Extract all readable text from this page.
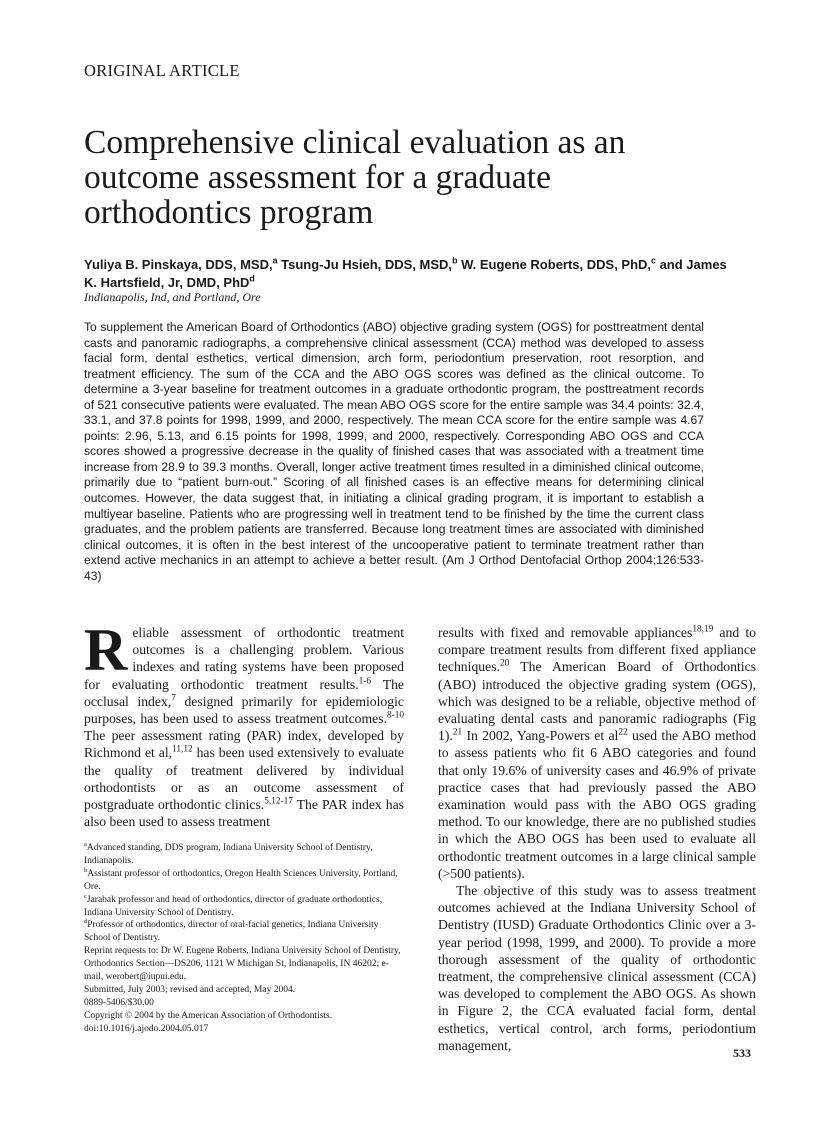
ORIGINAL ARTICLE
Comprehensive clinical evaluation as an outcome assessment for a graduate orthodontics program
Yuliya B. Pinskaya, DDS, MSD,$^a$ Tsung-Ju Hsieh, DDS, MSD,$^b$ W. Eugene Roberts, DDS, PhD,$^c$ and James K. Hartsfield, Jr, DMD, PhD$^d$
Indianapolis, Ind, and Portland, Ore

To supplement the American Board of Orthodontics (ABO) objective grading system (OGS) for posttreatment dental casts and panoramic radiographs, a comprehensive clinical assessment (CCA) method was developed to assess facial form, dental esthetics, vertical dimension, arch form, periodontium preservation, root resorption, and treatment efficiency. The sum of the CCA and the ABO OGS scores was defined as the clinical outcome. To determine a 3-year baseline for treatment outcomes in a graduate orthodontic program, the posttreatment records of 521 consecutive patients were evaluated. The mean ABO OGS score for the entire sample was 34.4 points: 32.4, 33.1, and 37.8 points for 1998, 1999, and 2000, respectively. The mean CCA score for the entire sample was 4.67 points: 2.96, 5.13, and 6.15 points for 1998, 1999, and 2000, respectively. Corresponding ABO OGS and CCA scores showed a progressive decrease in the quality of finished cases that was associated with a treatment time increase from 28.9 to 39.3 months. Overall, longer active treatment times resulted in a diminished clinical outcome, primarily due to “patient burn-out.” Scoring of all finished cases is an effective means for determining clinical outcomes. However, the data suggest that, in initiating a clinical grading program, it is important to establish a multiyear baseline. Patients who are progressing well in treatment tend to be finished by the time the current class graduates, and the problem patients are transferred. Because long treatment times are associated with diminished clinical outcomes, it is often in the best interest of the uncooperative patient to terminate treatment rather than extend active mechanics in an attempt to achieve a better result. (Am J Orthod Dentofacial Orthop 2004;126:533-43)

Reliable assessment of orthodontic treatment outcomes is a challenging problem. Various indexes and rating systems have been proposed for evaluating orthodontic treatment results.$^{1-6}$ The occlusal index,$^7$ designed primarily for epidemiologic purposes, has been used to assess treatment outcomes.$^{8-10}$ The peer assessment rating (PAR) index, developed by Richmond et al,$^{11,12}$ has been used extensively to evaluate the quality of treatment delivered by individual orthodontists or as an outcome assessment of postgraduate orthodontic clinics.$^{5,12-17}$ The PAR index has also been used to assess treatment

$^a$Advanced standing, DDS program, Indiana University School of Dentistry, Indianapolis.

$^b$Assistant professor of orthodontics, Oregon Health Sciences University, Portland, Ore.

$^c$Jarabak professor and head of orthodontics, director of graduate orthodontics, Indiana University School of Dentistry.

$^d$Professor of orthodontics, director of oral-facial genetics, Indiana University School of Dentistry.

Reprint requests to: Dr W. Eugene Roberts, Indiana University School of Dentistry, Orthodontics Section—DS206, 1121 W Michigan St, Indianapolis, IN 46202; e-mail, werobert@iupui.edu.

Submitted, July 2003; revised and accepted, May 2004.

0889-5406/$30.00

Copyright © 2004 by the American Association of Orthodontists.

doi:10.1016/j.ajodo.2004.05.017

results with fixed and removable appliances$^{18,19}$ and to compare treatment results from different fixed appliance techniques.$^{20}$ The American Board of Orthodontics (ABO) introduced the objective grading system (OGS), which was designed to be a reliable, objective method of evaluating dental casts and panoramic radiographs (Fig 1).$^{21}$ In 2002, Yang-Powers et $al^{22}$ used the ABO method to assess patients who fit 6 ABO categories and found that only 19.6% of university cases and 46.9% of private practice cases that had previously passed the ABO examination would pass with the ABO OGS grading method. To our knowledge, there are no published studies in which the ABO OGS has been used to evaluate all orthodontic treatment outcomes in a large clinical sample (>500 patients).

The objective of this study was to assess treatment outcomes achieved at the Indiana University School of Dentistry (IUSD) Graduate Orthodontics Clinic over a 3-year period (1998, 1999, and 2000). To provide a more thorough assessment of the quality of orthodontic treatment, the comprehensive clinical assessment (CCA) was developed to complement the ABO OGS. As shown in Figure 2, the CCA evaluated facial form, dental esthetics, vertical control, arch forms, periodontium management,

533
